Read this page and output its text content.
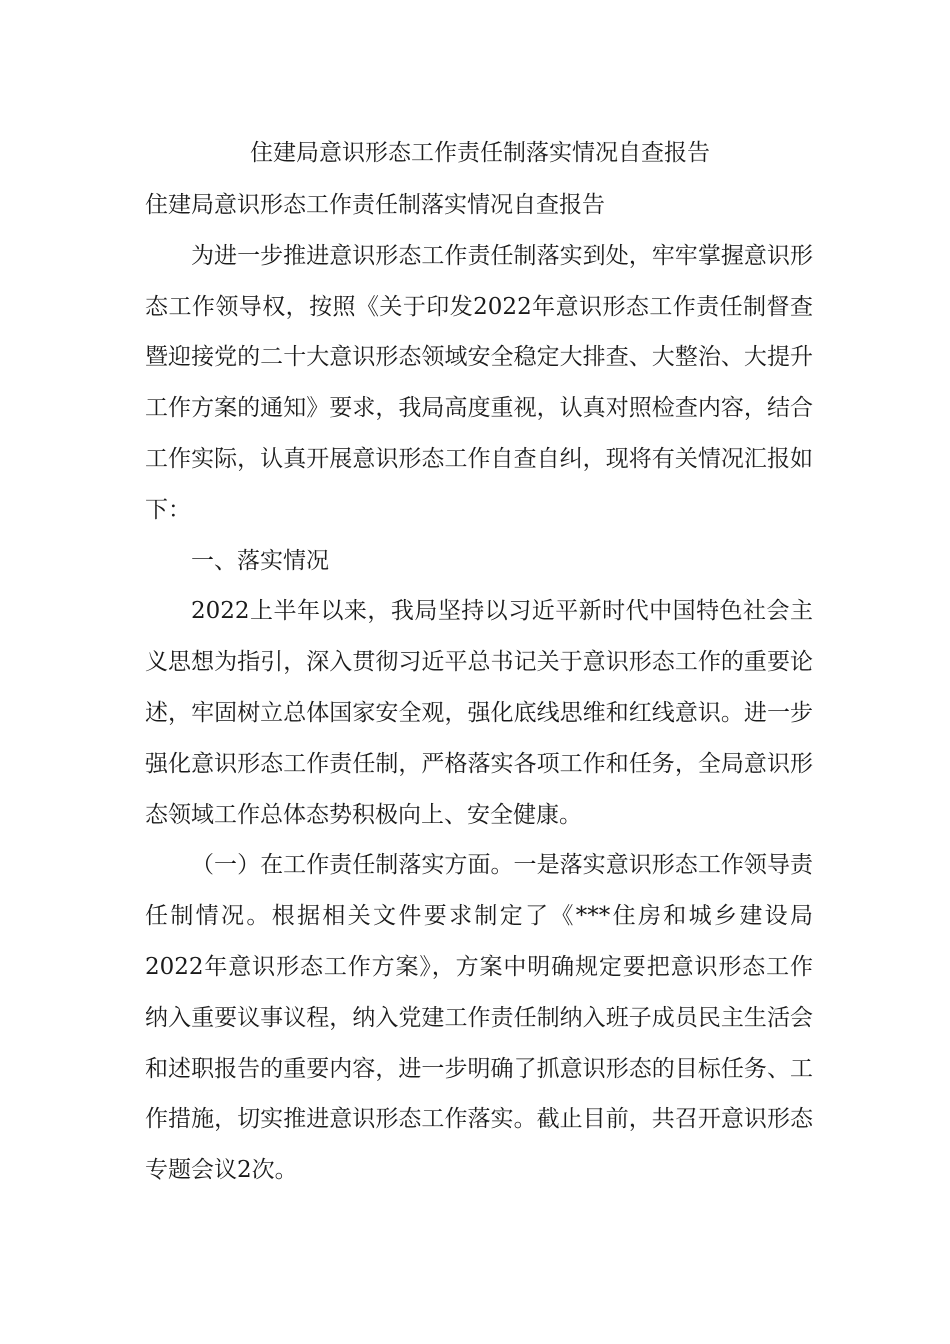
住建局意识形态工作责任制落实情况自查报告

住建局意识形态工作责任制落实情况自查报告

为进一步推进意识形态工作责任制落实到处，牢牢掌握意识形态工作领导权，按照《关于印发2022年意识形态工作责任制督查暨迎接党的二十大意识形态领域安全稳定大排查、大整治、大提升工作方案的通知》要求，我局高度重视，认真对照检查内容，结合工作实际，认真开展意识形态工作自查自纠，现将有关情况汇报如下：

一、落实情况

2022上半年以来，我局坚持以习近平新时代中国特色社会主义思想为指引，深入贯彻习近平总书记关于意识形态工作的重要论述，牢固树立总体国家安全观，强化底线思维和红线意识。进一步强化意识形态工作责任制，严格落实各项工作和任务，全局意识形态领域工作总体态势积极向上、安全健康。

（一）在工作责任制落实方面。一是落实意识形态工作领导责任制情况。根据相关文件要求制定了《***住房和城乡建设局2022年意识形态工作方案》，方案中明确规定要把意识形态工作纳入重要议事议程，纳入党建工作责任制纳入班子成员民主生活会和述职报告的重要内容，进一步明确了抓意识形态的目标任务、工作措施，切实推进意识形态工作落实。截止目前，共召开意识形态专题会议2次。
